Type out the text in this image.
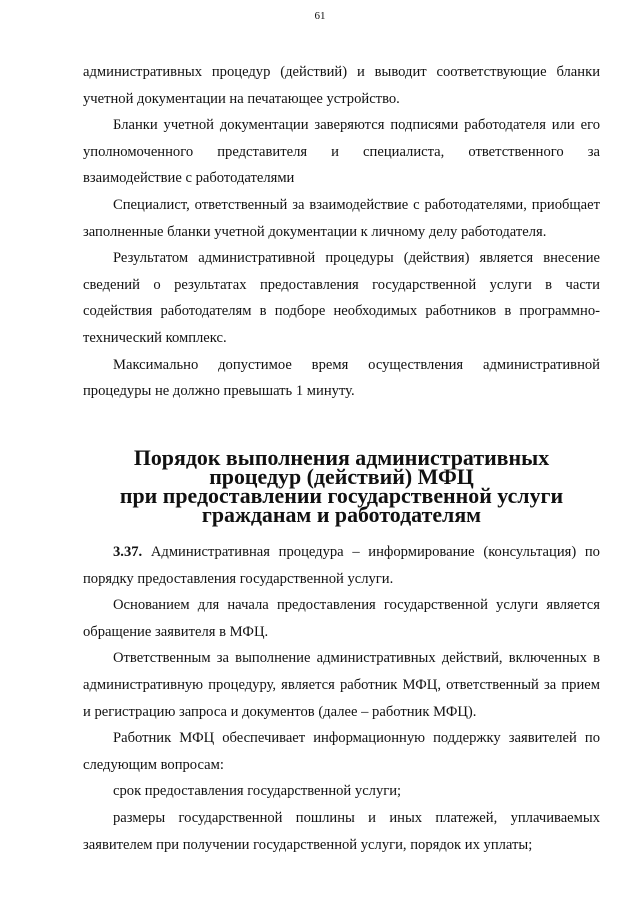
61

административных процедур (действий) и выводит соответствующие бланки учетной документации на печатающее устройство.

Бланки учетной документации заверяются подписями работодателя или его уполномоченного представителя и специалиста, ответственного за взаимодействие с работодателями

Специалист, ответственный за взаимодействие с работодателями, приобщает заполненные бланки учетной документации к личному делу работодателя.

Результатом административной процедуры (действия) является внесение сведений о результатах предоставления государственной услуги в части содействия работодателям в подборе необходимых работников в программно-технический комплекс.

Максимально допустимое время осуществления административной процедуры не должно превышать 1 минуту.

Порядок выполнения административных
процедур (действий) МФЦ
при предоставлении государственной услуги
гражданам и работодателям

3.37. Административная процедура – информирование (консультация) по порядку предоставления государственной услуги.

Основанием для начала предоставления государственной услуги является обращение заявителя в МФЦ.

Ответственным за выполнение административных действий, включенных в административную процедуру, является работник МФЦ, ответственный за прием и регистрацию запроса и документов (далее – работник МФЦ).

Работник МФЦ обеспечивает информационную поддержку заявителей по следующим вопросам:

срок предоставления государственной услуги;

размеры государственной пошлины и иных платежей, уплачиваемых заявителем при получении государственной услуги, порядок их уплаты;
